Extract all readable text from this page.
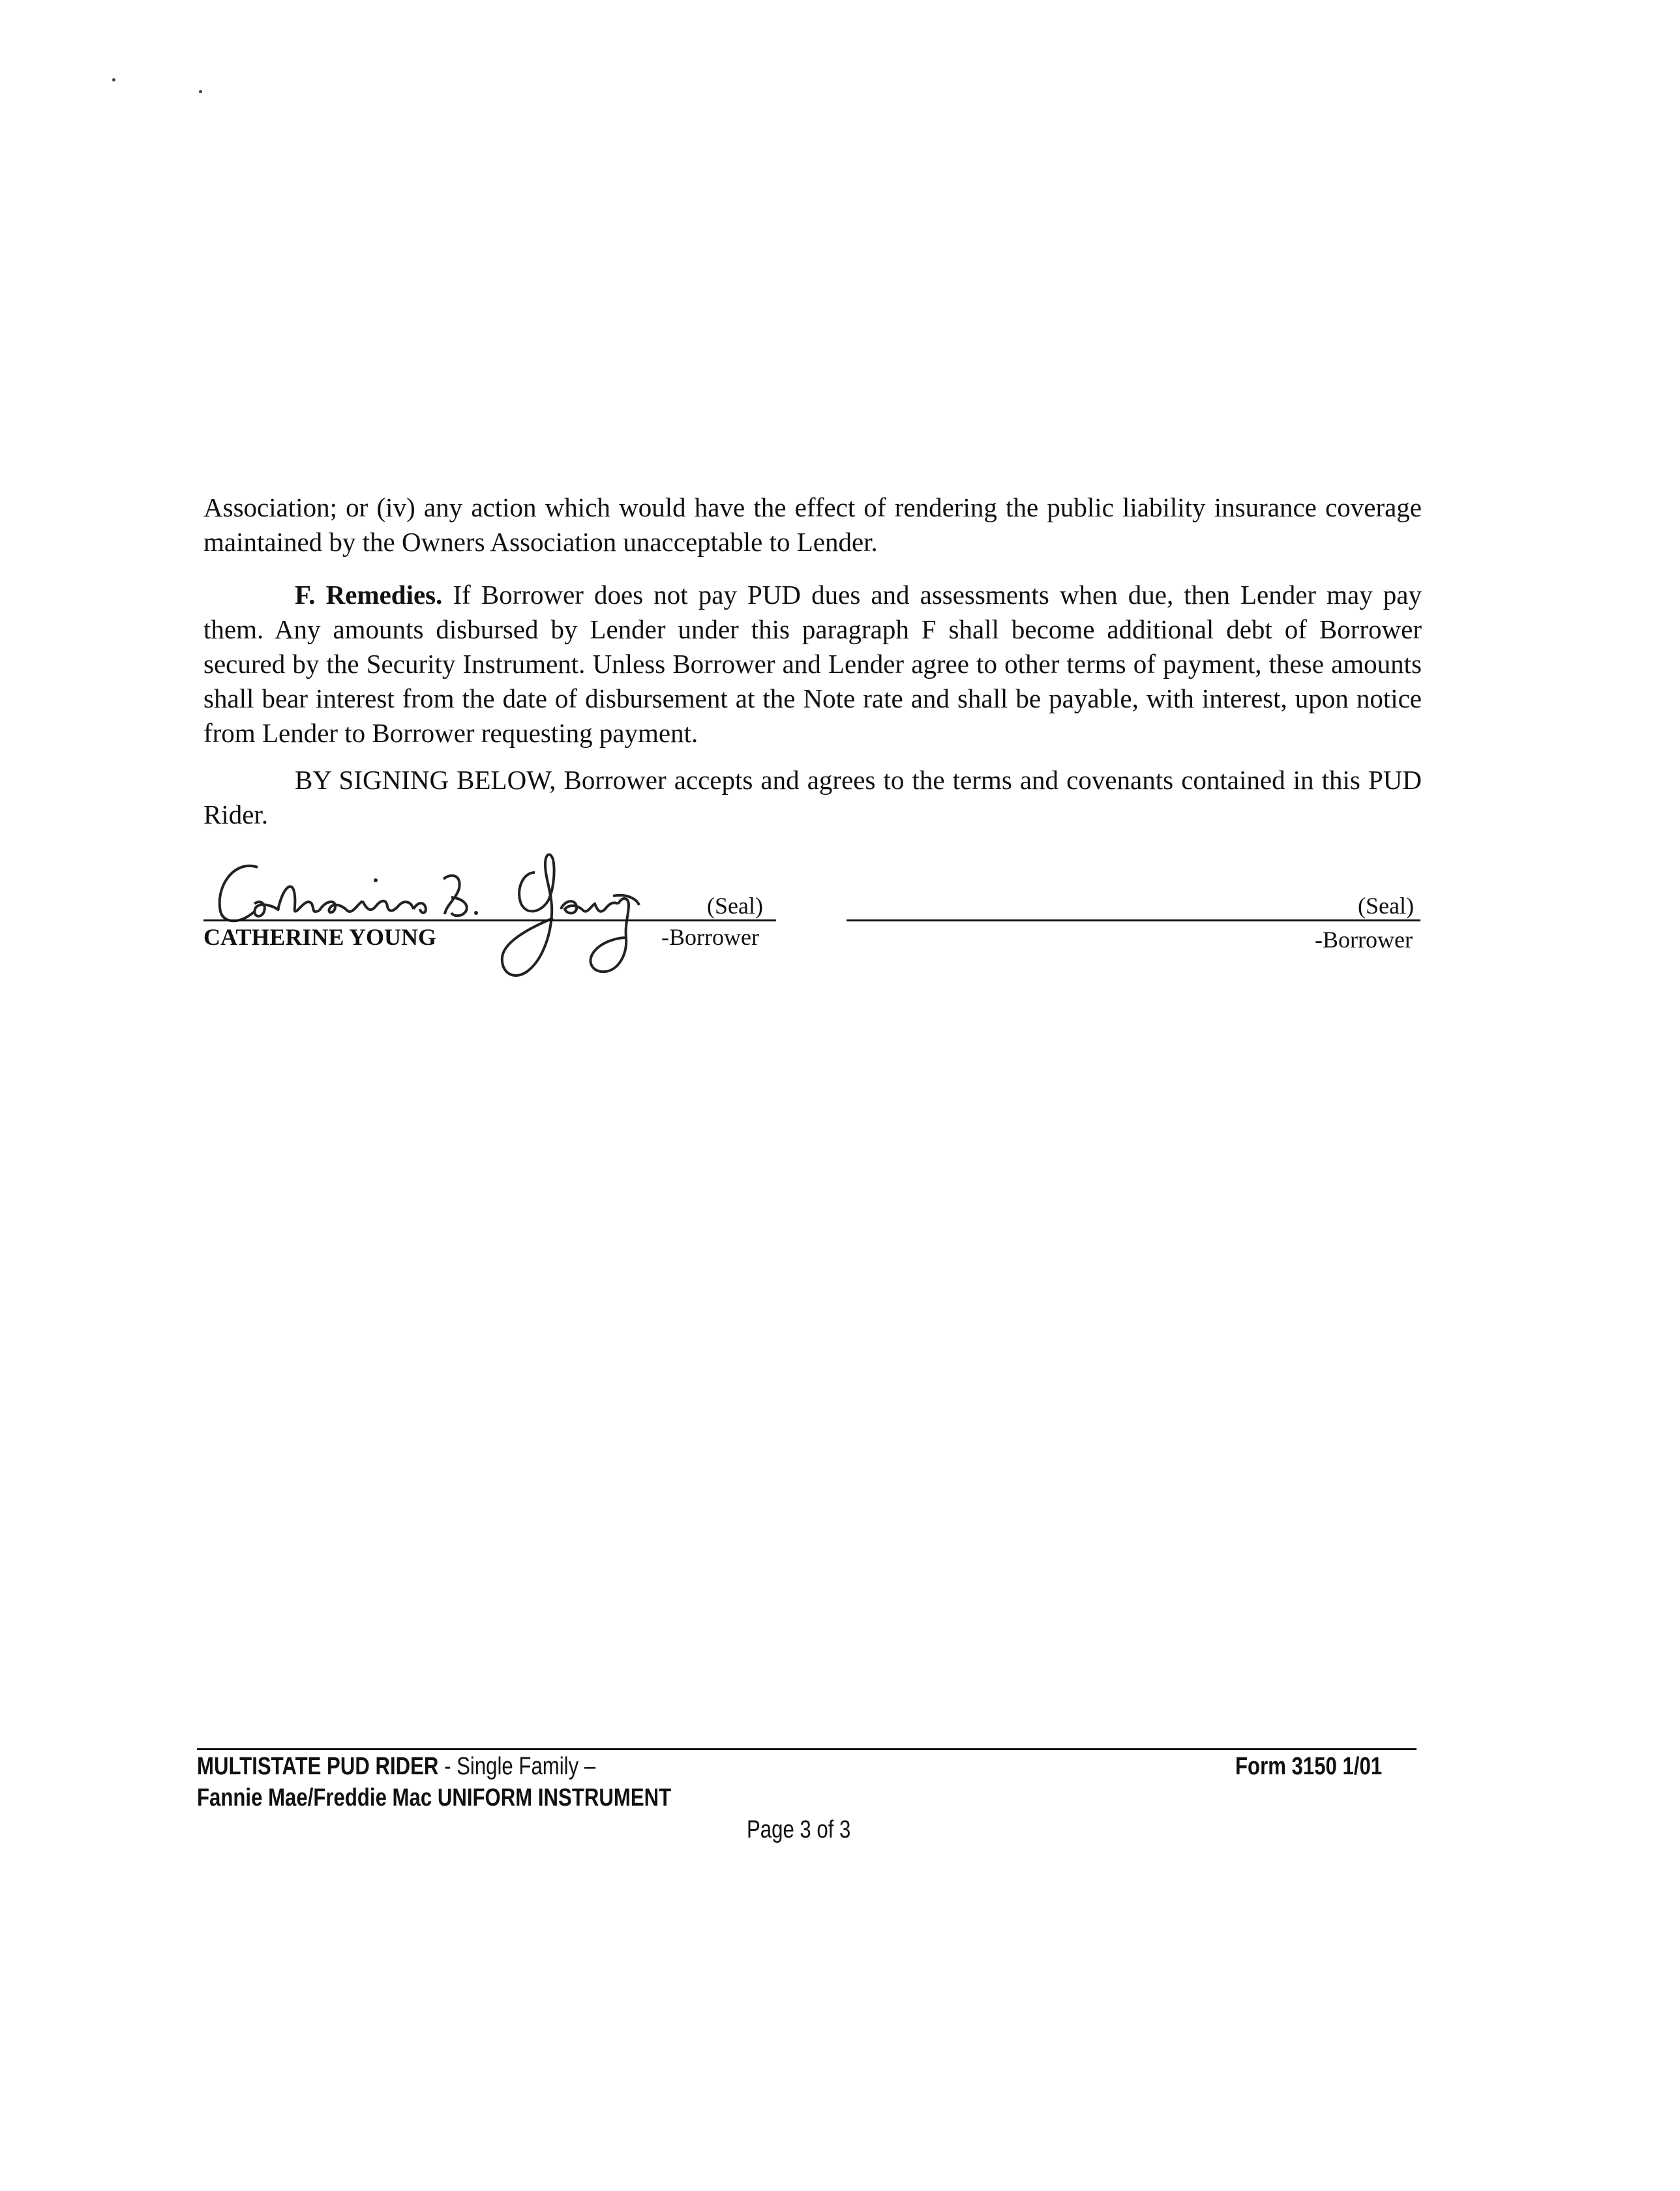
Association; or (iv) any action which would have the effect of rendering the public liability insurance coverage maintained by the Owners Association unacceptable to Lender.

F. Remedies. If Borrower does not pay PUD dues and assessments when due, then Lender may pay them. Any amounts disbursed by Lender under this paragraph F shall become additional debt of Borrower secured by the Security Instrument. Unless Borrower and Lender agree to other terms of payment, these amounts shall bear interest from the date of disbursement at the Note rate and shall be payable, with interest, upon notice from Lender to Borrower requesting payment.

BY SIGNING BELOW, Borrower accepts and agrees to the terms and covenants contained in this PUD Rider.

(Seal)
CATHERINE YOUNG	-Borrower
(Seal)
-Borrower
MULTISTATE PUD RIDER - Single Family –
Fannie Mae/Freddie Mac UNIFORM INSTRUMENT
Form 3150 1/01
Page 3 of 3
